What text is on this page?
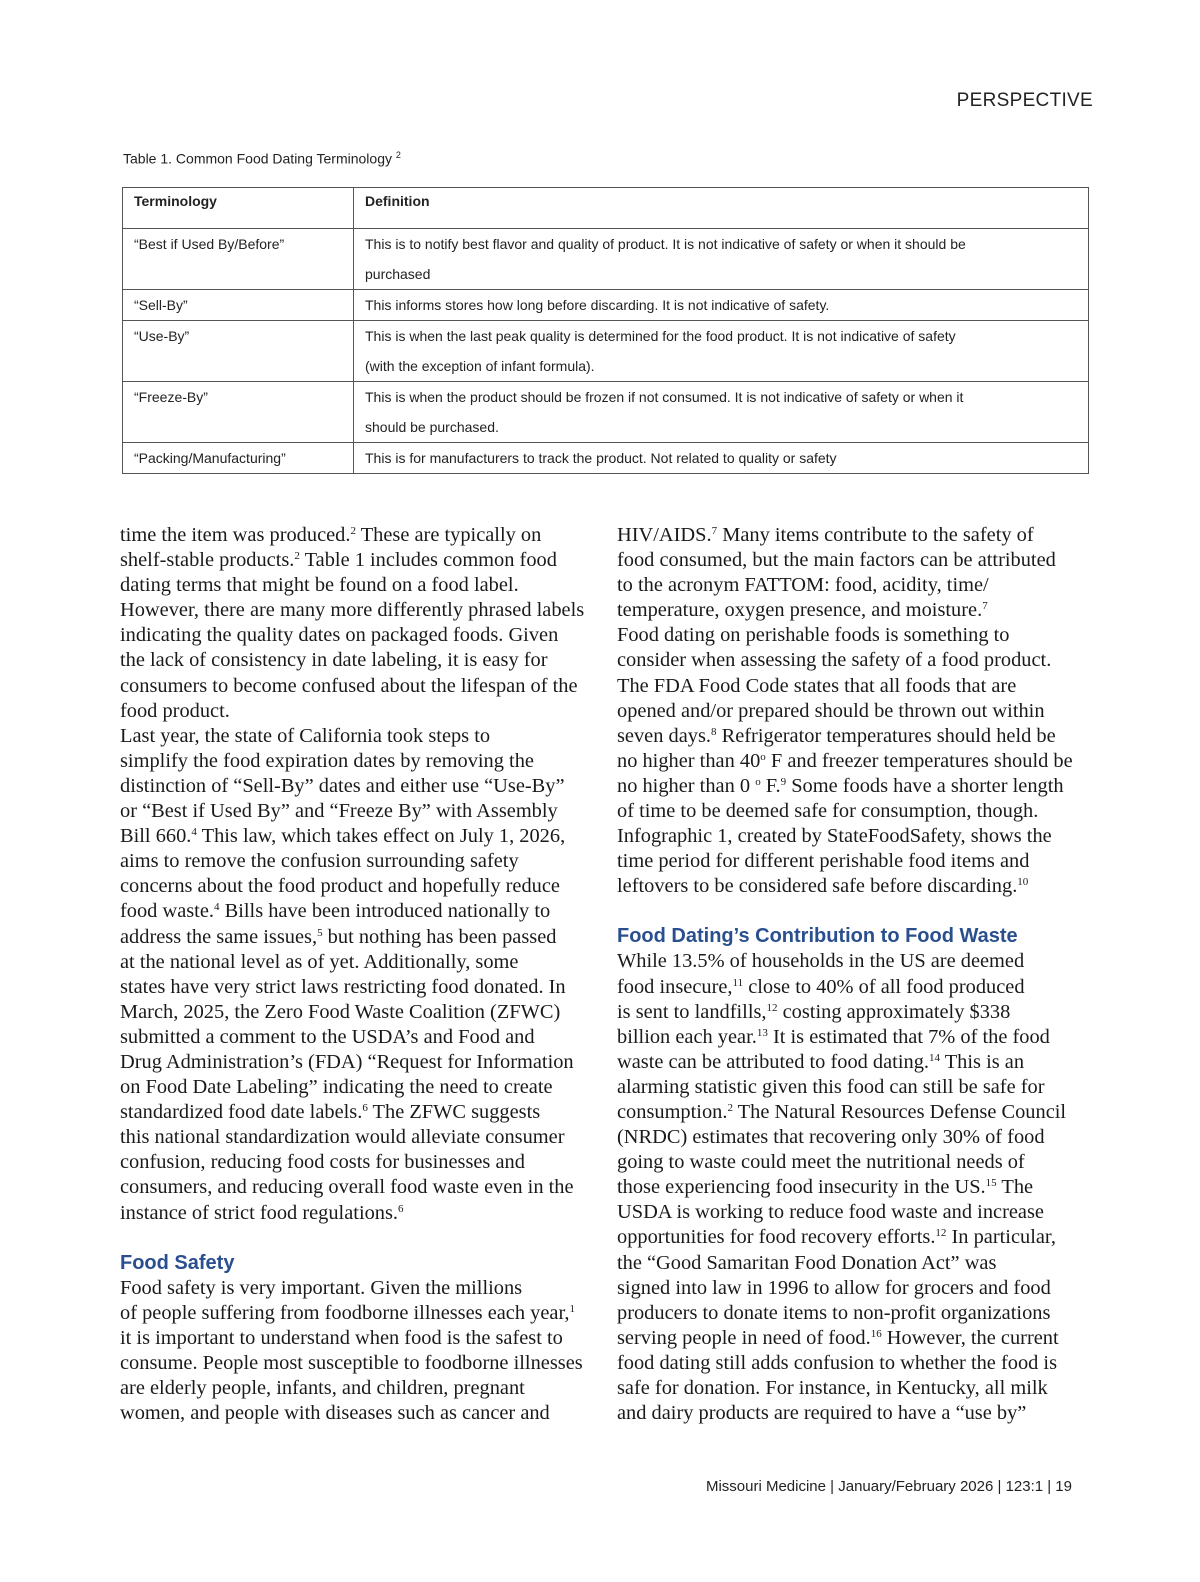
PERSPECTIVE
Table 1. Common Food Dating Terminology $^2$
Terminology	Definition

“Best if Used By/Before”	This is to notify best flavor and quality of product. It is not indicative of safety or when it should be
purchased
“Sell-By”	This informs stores how long before discarding. It is not indicative of safety.
“Use-By”	This is when the last peak quality is determined for the food product. It is not indicative of safety
(with the exception of infant formula).
“Freeze-By”	This is when the product should be frozen if not consumed. It is not indicative of safety or when it
should be purchased.
“Packing/Manufacturing”	This is for manufacturers to track the product. Not related to quality or safety

time the item was produced.$^2$ These are typically on
shelf-stable products.$^2$ Table 1 includes common food
dating terms that might be found on a food label.
However, there are many more differently phrased labels
indicating the quality dates on packaged foods. Given
the lack of consistency in date labeling, it is easy for
consumers to become confused about the lifespan of the
food product.

Last year, the state of California took steps to
simplify the food expiration dates by removing the
distinction of “Sell-By” dates and either use “Use-By”
or “Best if Used By” and “Freeze By” with Assembly
Bill 660.$^4$ This law, which takes effect on July 1, 2026,
aims to remove the confusion surrounding safety
concerns about the food product and hopefully reduce
food waste.$^4$ Bills have been introduced nationally to
address the same issues,$^5$ but nothing has been passed
at the national level as of yet. Additionally, some
states have very strict laws restricting food donated. In
March, 2025, the Zero Food Waste Coalition (ZFWC)
submitted a comment to the USDA’s and Food and
Drug Administration’s (FDA) “Request for Information
on Food Date Labeling” indicating the need to create
standardized food date labels.$^6$ The ZFWC suggests
this national standardization would alleviate consumer
confusion, reducing food costs for businesses and
consumers, and reducing overall food waste even in the
instance of strict food regulations.$^6$

Food Safety

Food safety is very important. Given the millions
of people suffering from foodborne illnesses each year,$^1$
it is important to understand when food is the safest to
consume. People most susceptible to foodborne illnesses
are elderly people, infants, and children, pregnant
women, and people with diseases such as cancer and

HIV/AIDS.$^7$ Many items contribute to the safety of
food consumed, but the main factors can be attributed
to the acronym FATTOM: food, acidity, time/
temperature, oxygen presence, and moisture.$^7$

Food dating on perishable foods is something to
consider when assessing the safety of a food product.
The FDA Food Code states that all foods that are
opened and/or prepared should be thrown out within
seven days.$^8$ Refrigerator temperatures should held be
no higher than 40$^o$ F and freezer temperatures should be
no higher than 0 $^o$ F.$^9$ Some foods have a shorter length
of time to be deemed safe for consumption, though.
Infographic 1, created by StateFoodSafety, shows the
time period for different perishable food items and
leftovers to be considered safe before discarding.$^{10}$

Food Dating’s Contribution to Food Waste

While 13.5% of households in the US are deemed
food insecure,$^{11}$ close to 40% of all food produced
is sent to landfills,$^{12}$ costing approximately $338
billion each year.$^{13}$ It is estimated that 7% of the food
waste can be attributed to food dating.$^{14}$ This is an
alarming statistic given this food can still be safe for
consumption.$^2$ The Natural Resources Defense Council
(NRDC) estimates that recovering only 30% of food
going to waste could meet the nutritional needs of
those experiencing food insecurity in the US.$^{15}$ The
USDA is working to reduce food waste and increase
opportunities for food recovery efforts.$^{12}$ In particular,
the “Good Samaritan Food Donation Act” was
signed into law in 1996 to allow for grocers and food
producers to donate items to non-profit organizations
serving people in need of food.$^{16}$ However, the current
food dating still adds confusion to whether the food is
safe for donation. For instance, in Kentucky, all milk
and dairy products are required to have a “use by”

Missouri Medicine | January/February 2026 | 123:1 | 19
